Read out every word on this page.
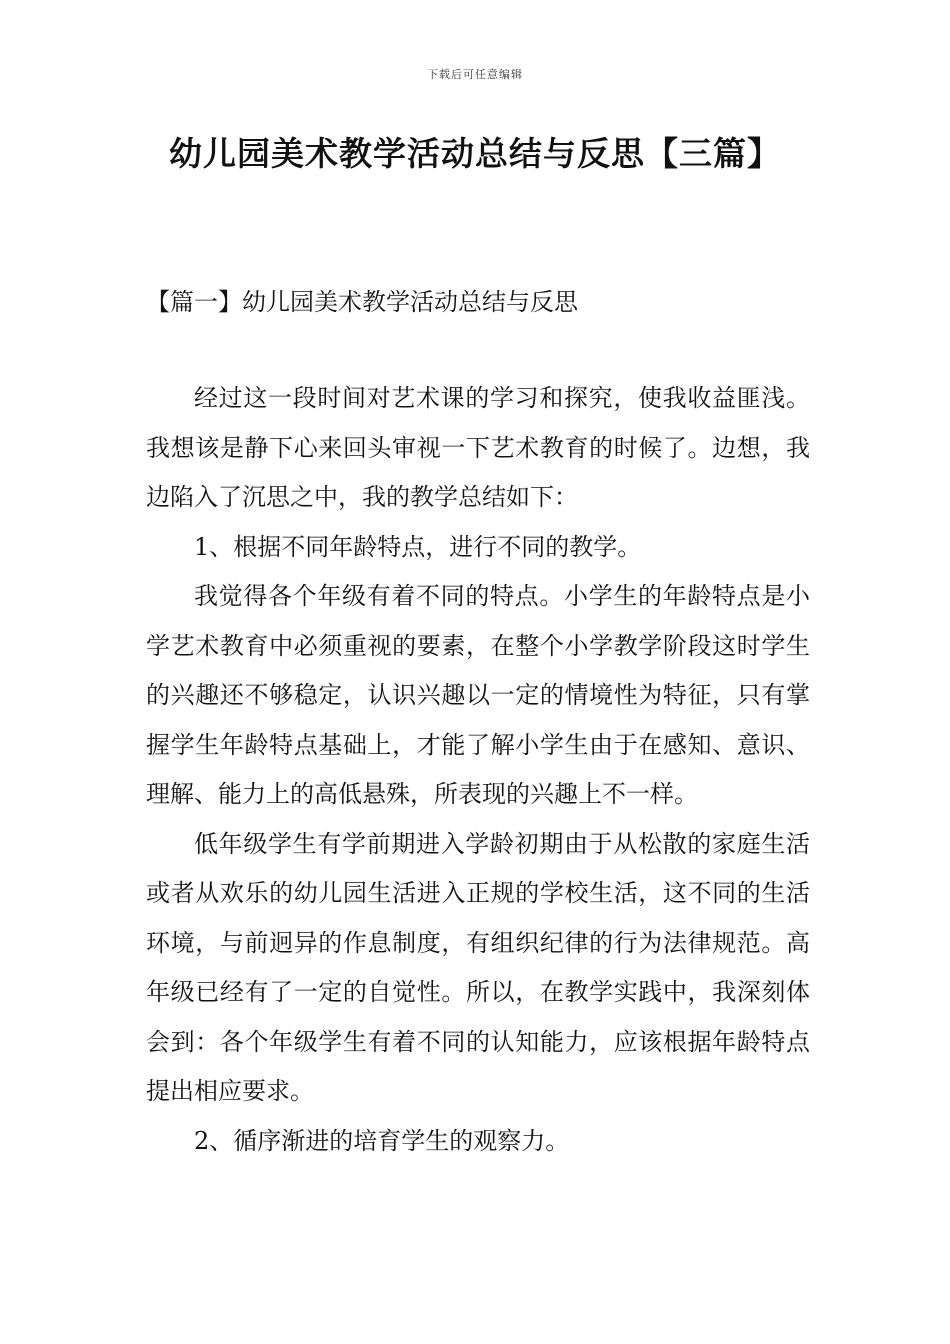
下载后可任意编辑
幼儿园美术教学活动总结与反思【三篇】
【篇一】幼儿园美术教学活动总结与反思

经过这一段时间对艺术课的学习和探究，使我收益匪浅。我想该是静下心来回头审视一下艺术教育的时候了。边想，我边陷入了沉思之中，我的教学总结如下：

1、根据不同年龄特点，进行不同的教学。

我觉得各个年级有着不同的特点。小学生的年龄特点是小学艺术教育中必须重视的要素，在整个小学教学阶段这时学生的兴趣还不够稳定，认识兴趣以一定的情境性为特征，只有掌握学生年龄特点基础上，才能了解小学生由于在感知、意识、理解、能力上的高低悬殊，所表现的兴趣上不一样。

低年级学生有学前期进入学龄初期由于从松散的家庭生活或者从欢乐的幼儿园生活进入正规的学校生活，这不同的生活环境，与前迥异的作息制度，有组织纪律的行为法律规范。高年级已经有了一定的自觉性。所以，在教学实践中，我深刻体会到：各个年级学生有着不同的认知能力，应该根据年龄特点提出相应要求。

2、循序渐进的培育学生的观察力。
